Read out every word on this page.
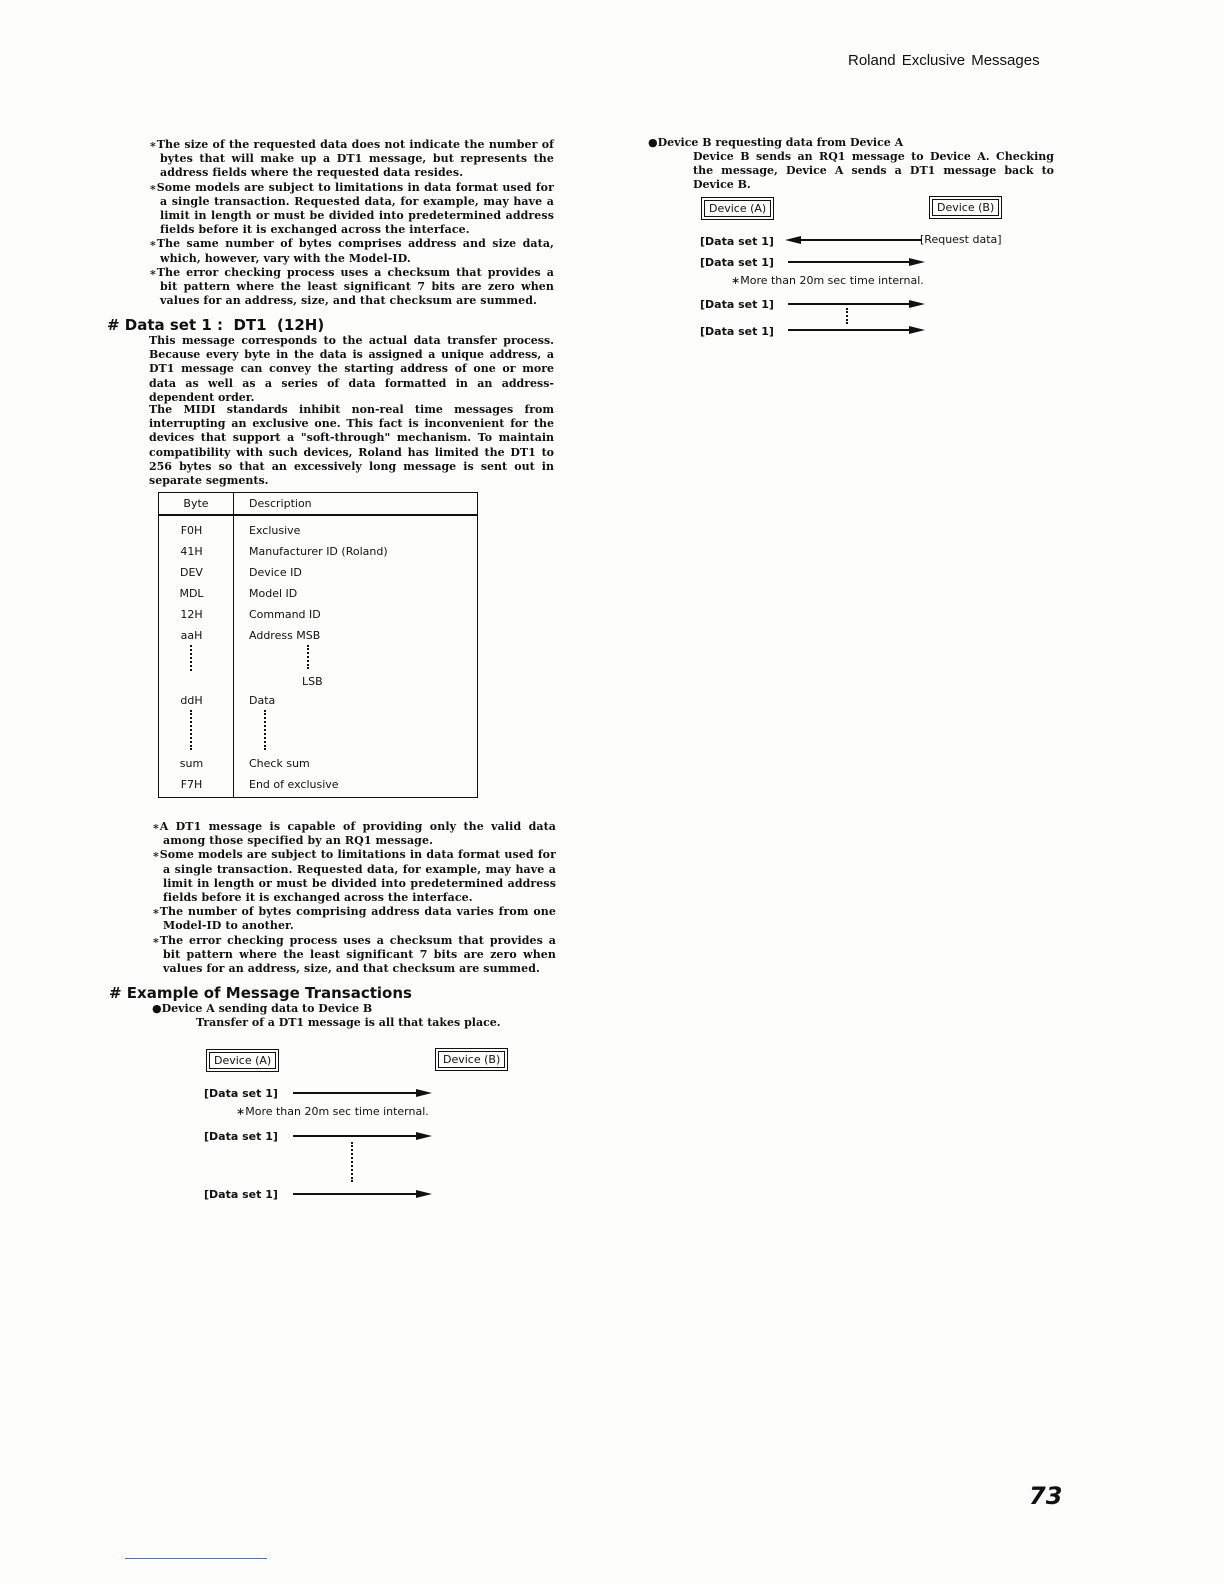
Roland Exclusive Messages

∗The size of the requested data does not indicate the number of bytes that will make up a DT1 message, but represents the address fields where the requested data resides.

∗Some models are subject to limitations in data format used for a single transaction. Requested data, for example, may have a limit in length or must be divided into predetermined address fields before it is exchanged across the interface.

∗The same number of bytes comprises address and size data, which, however, vary with the Model-ID.

∗The error checking process uses a checksum that provides a bit pattern where the least significant 7 bits are zero when values for an address, size, and that checksum are summed.

# Data set 1 :  DT1  (12H)
This message corresponds to the actual data transfer process. Because every byte in the data is assigned a unique address, a DT1 message can convey the starting address of one or more data as well as a series of data formatted in an address- dependent order.
The MIDI standards inhibit non-real time messages from interrupting an exclusive one. This fact is inconvenient for the devices that support a "soft-through" mechanism. To maintain compatibility with such devices, Roland has limited the DT1 to 256 bytes so that an excessively long message is sent out in separate segments.
Byte	Description
F0H	Exclusive
41H	Manufacturer ID (Roland)
DEV	Device ID
MDL	Model ID
12H	Command ID
aaH	Address MSB
LSB
ddH	Data
sum	Check sum
F7H	End of exclusive

∗A DT1 message is capable of providing only the valid data among those specified by an RQ1 message.

∗Some models are subject to limitations in data format used for a single transaction. Requested data, for example, may have a limit in length or must be divided into predetermined address fields before it is exchanged across the interface.

∗The number of bytes comprising address data varies from one Model-ID to another.

∗The error checking process uses a checksum that provides a bit pattern where the least significant 7 bits are zero when values for an address, size, and that checksum are summed.

# Example of Message Transactions
●Device A sending data to Device B
Transfer of a DT1 message is all that takes place.
Device (A)	Device (B)
[Data set 1]
∗More than 20m sec time internal.
[Data set 1]
[Data set 1]
●Device B requesting data from Device A
Device B sends an RQ1 message to Device A. Checking the message, Device A sends a DT1 message back to Device B.
Device (A)	Device (B)
[Data set 1]	[Request data]
[Data set 1]
∗More than 20m sec time internal.
[Data set 1]
[Data set 1]
73
